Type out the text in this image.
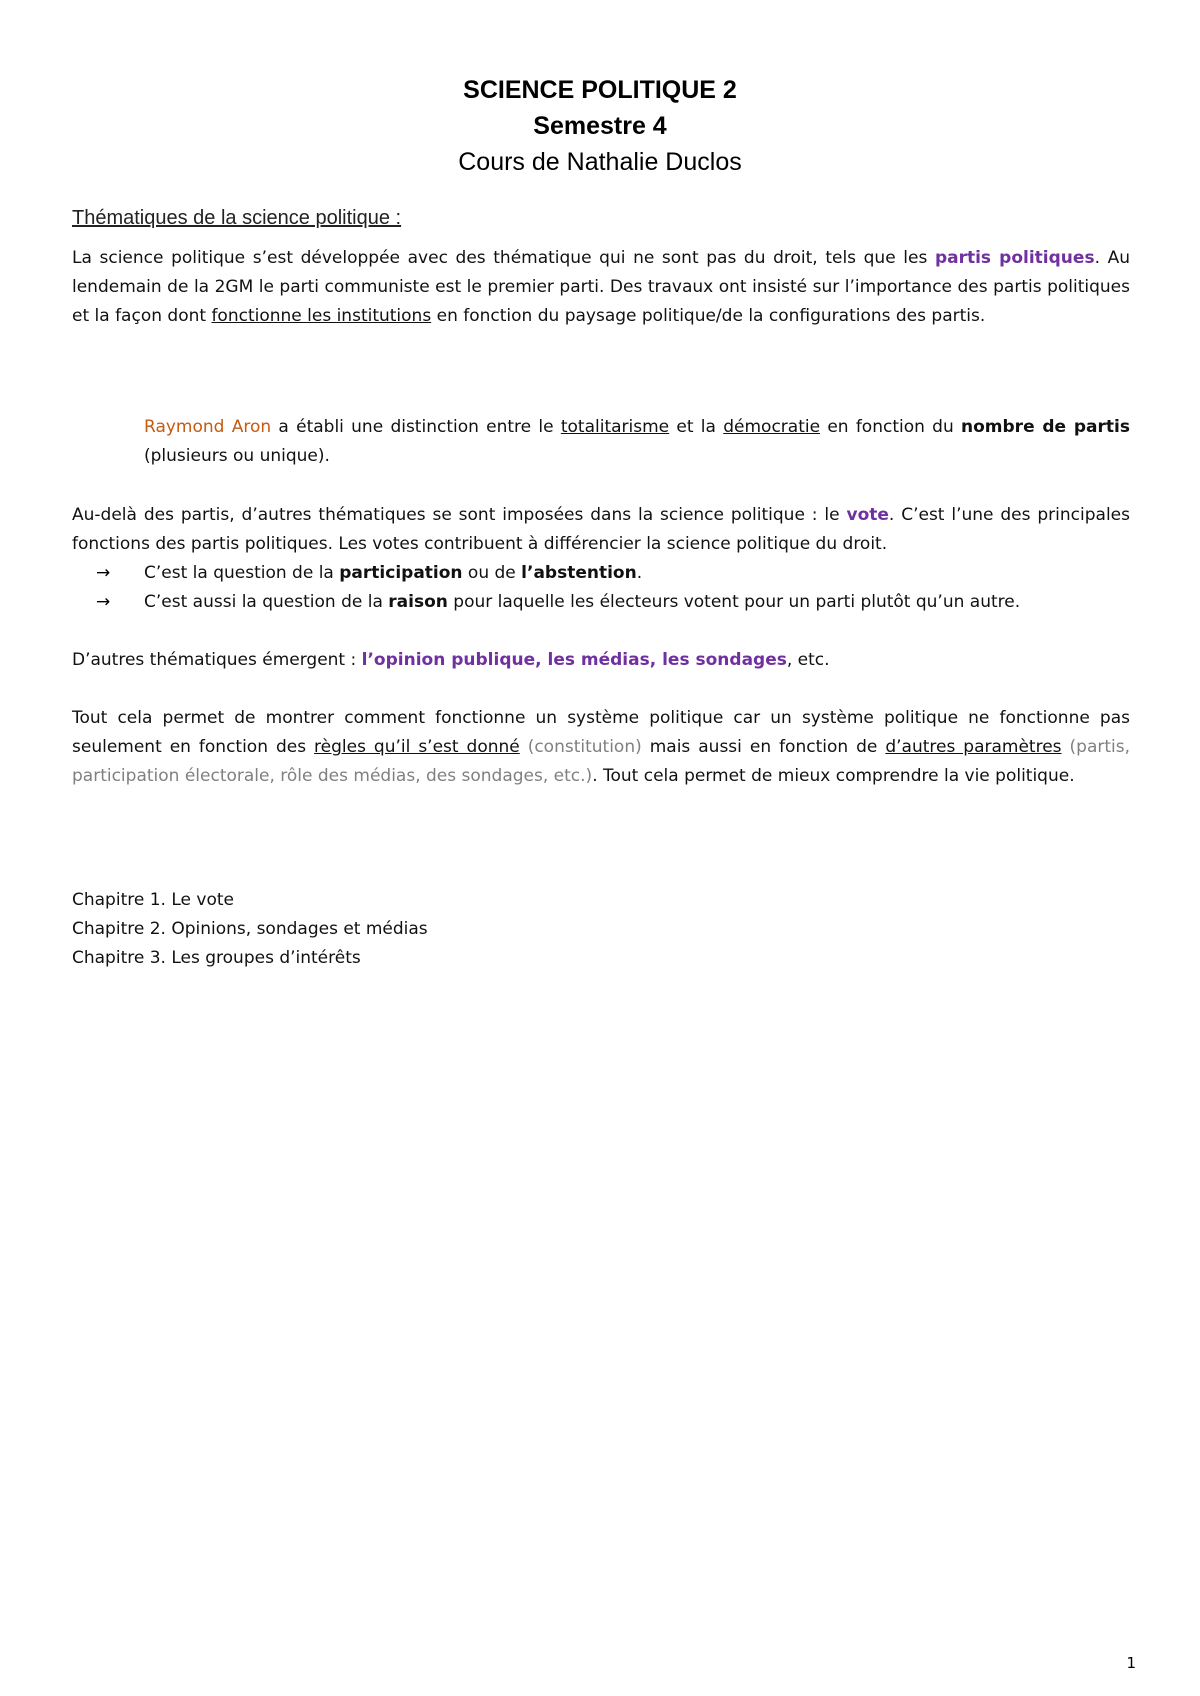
SCIENCE POLITIQUE 2
Semestre 4
Cours de Nathalie Duclos
Thématiques de la science politique :
La science politique s’est développée avec des thématique qui ne sont pas du droit, tels que les partis politiques. Au lendemain de la 2GM le parti communiste est le premier parti. Des travaux ont insisté sur l’importance des partis politiques et la façon dont fonctionne les institutions en fonction du paysage politique/de la configurations des partis.
Raymond Aron a établi une distinction entre le totalitarisme et la démocratie en fonction du nombre de partis (plusieurs ou unique).
Au-delà des partis, d’autres thématiques se sont imposées dans la science politique : le vote. C’est l’une des principales fonctions des partis politiques. Les votes contribuent à différencier la science politique du droit.
→ C’est la question de la participation ou de l’abstention.
→ C’est aussi la question de la raison pour laquelle les électeurs votent pour un parti plutôt qu’un autre.
D’autres thématiques émergent : l’opinion publique, les médias, les sondages, etc.
Tout cela permet de montrer comment fonctionne un système politique car un système politique ne fonctionne pas seulement en fonction des règles qu’il s’est donné (constitution) mais aussi en fonction de d’autres paramètres (partis, participation électorale, rôle des médias, des sondages, etc.). Tout cela permet de mieux comprendre la vie politique.
Chapitre 1. Le vote
Chapitre 2. Opinions, sondages et médias
Chapitre 3. Les groupes d’intérêts
1
